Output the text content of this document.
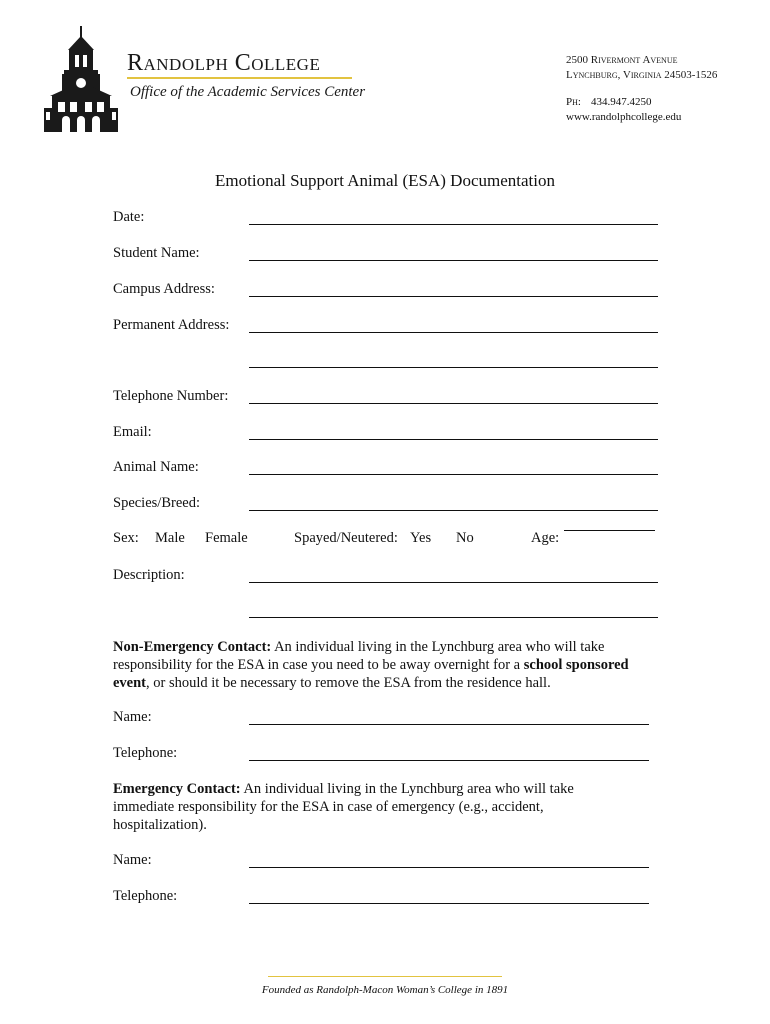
Randolph College
Office of the Academic Services Center
2500 Rivermont Avenue
Lynchburg, Virginia 24503-1526
Ph: 434.947.4250
www.randolphcollege.edu
Emotional Support Animal (ESA) Documentation
Date:
Student Name:
Campus Address:
Permanent Address:
Telephone Number:
Email:
Animal Name:
Species/Breed:
Sex: Male Female	Spayed/Neutered: Yes No	Age:
Description:
Non-Emergency Contact: An individual living in the Lynchburg area who will take responsibility for the ESA in case you need to be away overnight for a school sponsored event, or should it be necessary to remove the ESA from the residence hall.
Name:
Telephone:
Emergency Contact: An individual living in the Lynchburg area who will take immediate responsibility for the ESA in case of emergency (e.g., accident, hospitalization).
Name:
Telephone:
Founded as Randolph-Macon Woman’s College in 1891
